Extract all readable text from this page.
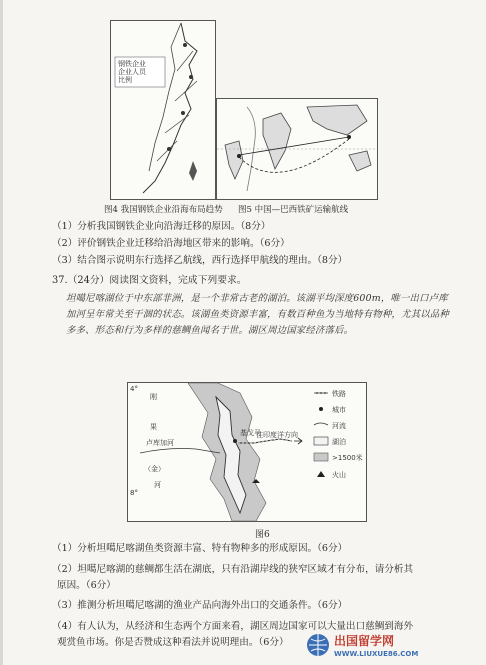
钢铁企业
企业人员
比例
图4 我国钢铁企业沿海布局趋势 图5 中国—巴西铁矿运输航线
（1）分析我国钢铁企业向沿海迁移的原因。（8分）
（2）评价钢铁企业迁移给沿海地区带来的影响。（6分）
（3）结合图示说明东行选择乙航线，西行选择甲航线的理由。（8分）
37.（24分）阅读图文资料，完成下列要求。
坦噶尼喀湖位于中东部非洲，是一个非常古老的湖泊。该湖平均深度600m，唯一出口卢库加河呈年常关至干涸的状态。该湖鱼类资源丰富，有数百种鱼为当地特有物种，尤其以品种多多、形态和行为多样的慈鲷鱼闻名于世。湖区周边国家经济落后。
基戈马
往印度洋方向
卢库加河
4°
8°
刚
果
河
（金）
铁路
城市
河流
湖泊
>1500米
火山
图6
（1）分析坦噶尼喀湖鱼类资源丰富、特有物种多的形成原因。（6分）
（2）坦噶尼喀湖的慈鲷都生活在湖底，只有沿湖岸线的狭窄区域才有分布，请分析其
原因。（6分）
（3）推测分析坦噶尼喀湖的渔业产品向海外出口的交通条件。（6分）
（4）有人认为，从经济和生态两个方面来看，湖区周边国家可以大量出口慈鲷到海外
观赏鱼市场。你是否赞成这种看法并说明理由。（6分）	出国留学网
WWW.LIUXUE86.COM
